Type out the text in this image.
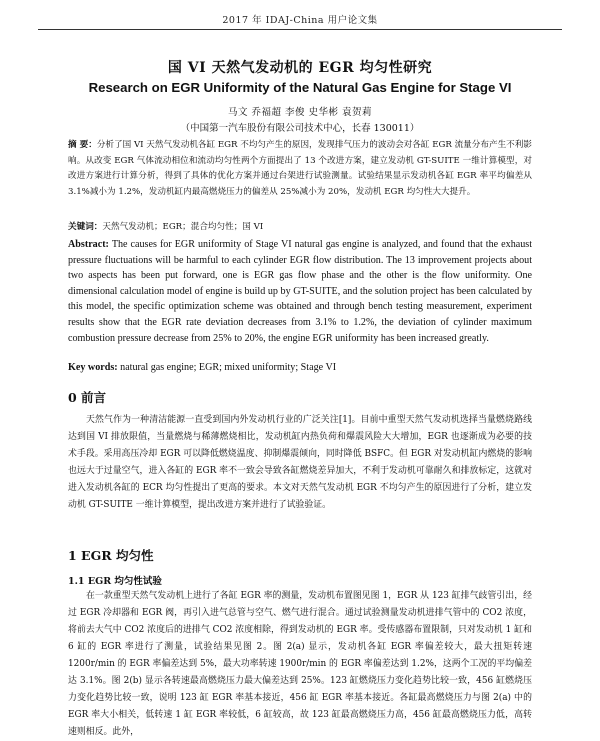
2017 年 IDAJ-China 用户论文集
国 VI 天然气发动机的 EGR 均匀性研究
Research on EGR Uniformity of the Natural Gas Engine for Stage VI
马文 乔福超 李俊 史华彬 袁贺莉
（中国第一汽车股份有限公司技术中心，长春 130011）
摘 要：分析了国 VI 天然气发动机各缸 EGR 不均匀产生的原因，发现排气压力的波动会对各缸 EGR 流量分布产生不利影响。从改变 EGR 气体流动相位和流动均匀性两个方面提出了 13 个改进方案，建立发动机 GT-SUITE 一维计算模型，对改进方案进行计算分析，得到了具体的优化方案并通过台架进行试验测量。试验结果显示发动机各缸 EGR 率平均偏差从 3.1%减小为 1.2%，发动机缸内最高燃烧压力的偏差从 25%减小为 20%，发动机 EGR 均匀性大大提升。
关键词：天然气发动机；EGR；混合均匀性；国 VI
Abstract: The causes for EGR uniformity of Stage VI natural gas engine is analyzed, and found that the exhaust pressure fluctuations will be harmful to each cylinder EGR flow distribution. The 13 improvement projects about two aspects has been put forward, one is EGR gas flow phase and the other is the flow uniformity. One dimensional calculation model of engine is build up by GT-SUITE, and the solution project has been calculated by this model, the specific optimization scheme was obtained and through bench testing measurement, experiment results show that the EGR rate deviation decreases from 3.1% to 1.2%, the deviation of cylinder maximum combustion pressure decrease from 25% to 20%, the engine EGR uniformity has been increased greatly.
Key words: natural gas engine; EGR; mixed uniformity; Stage VI
0 前言
天然气作为一种清洁能源一直受到国内外发动机行业的广泛关注[1]。目前中重型天然气发动机选择当量燃烧路线达到国 VI 排放限值，当量燃烧与稀薄燃烧相比，发动机缸内热负荷和爆震风险大大增加，EGR 也逐渐成为必要的技术手段。采用高压冷却 EGR 可以降低燃烧温度、抑制爆震倾向，同时降低 BSFC。但 EGR 对发动机缸内燃烧的影响也远大于过量空气，进入各缸的 EGR 率不一致会导致各缸燃烧差异加大，不利于发动机可靠耐久和排放标定，这就对进入发动机各缸的 ECR 均匀性提出了更高的要求。本文对天然气发动机 EGR 不均匀产生的原因进行了分析，建立发动机 GT-SUITE 一维计算模型，提出改进方案并进行了试验验证。
1 EGR 均匀性
1.1 EGR 均匀性试验
在一款重型天然气发动机上进行了各缸 EGR 率的测量，发动机布置图见图 1，EGR 从 123 缸排气歧管引出，经过 EGR 冷却器和 EGR 阀，再引入进气总管与空气、燃气进行混合。通过试验测量发动机进排气管中的 CO2 浓度，将前去大气中 CO2 浓度后的进排气 CO2 浓度相除，得到发动机的 EGR 率。受传感器布置限制，只对发动机 1 缸和 6 缸的 EGR 率进行了测量，试验结果见图 2。图 2(a) 显示，发动机各缸 EGR 率偏差较大，最大扭矩转速 1200r/min 的 EGR 率偏差达到 5%，最大功率转速 1900r/min 的 EGR 率偏差达到 1.2%，这两个工况的平均偏差达 3.1%。图 2(b) 显示各转速最高燃烧压力最大偏差达到 25%。123 缸燃烧压力变化趋势比较一致，456 缸燃烧压力变化趋势比较一致，说明 123 缸 EGR 率基本接近，456 缸 EGR 率基本接近。各缸最高燃烧压力与图 2(a) 中的 EGR 率大小相关，低转速 1 缸 EGR 率较低，6 缸较高，故 123 缸最高燃烧压力高，456 缸最高燃烧压力低，高转速则相反。此外，
